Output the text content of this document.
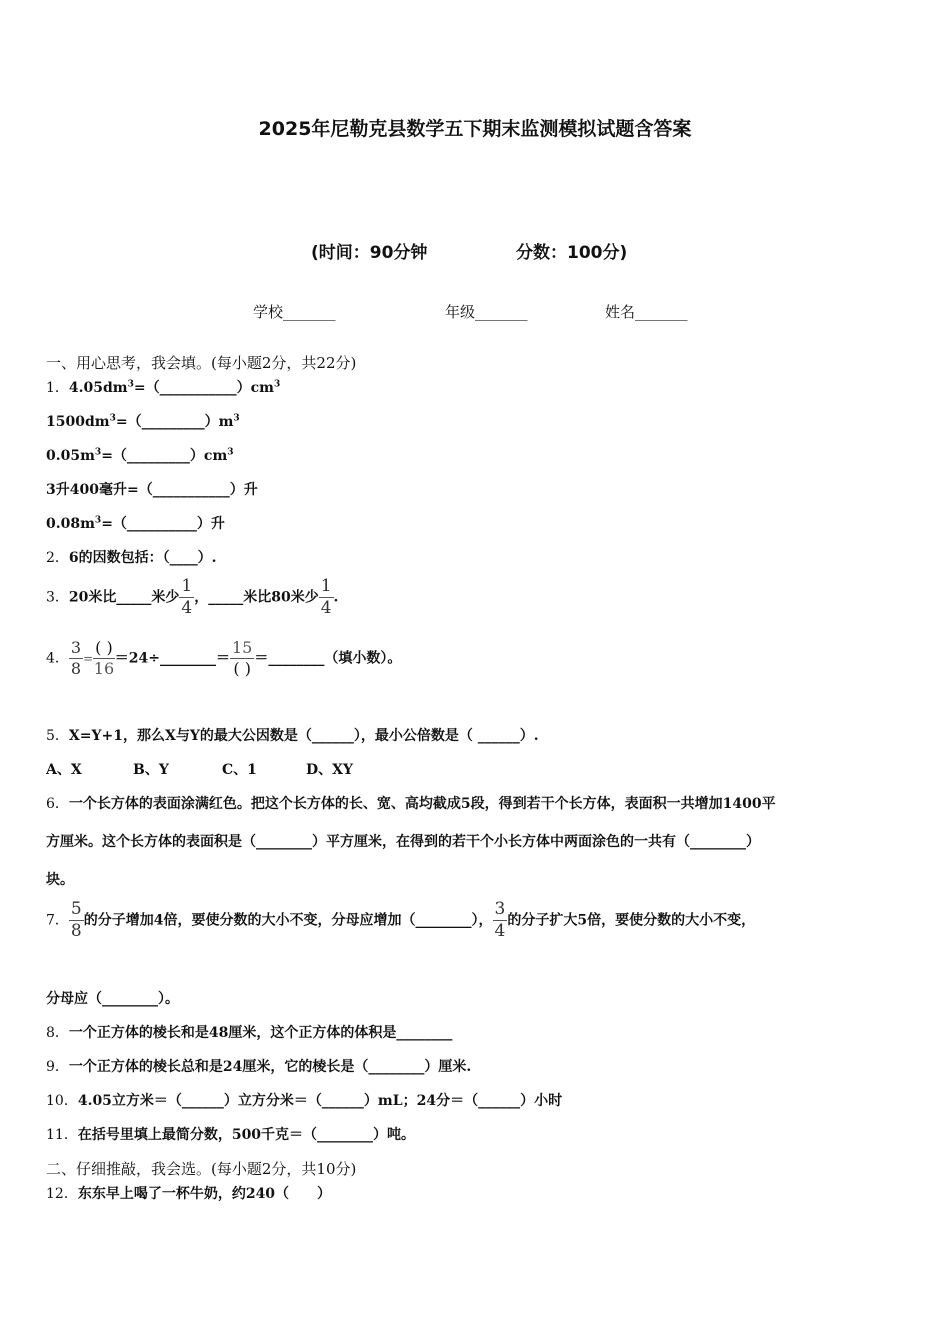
2025年尼勒克县数学五下期末监测模拟试题含答案
(时间：90分钟	分数：100分)
学校_______	年级_______	姓名_______
一、用心思考，我会填。(每小题2分，共22分)
1．$4.05dm^3=(\_\_\_\_\_\_\_\_\_\_\_)cm^3$
$1500dm^3=(\_\_\_\_\_\_\_\_\_)m^3$
$0.05m^3=(\_\_\_\_\_\_\_\_\_)cm^3$
3升400毫升=（___________）升
$0.08m^3=(\_\_\_\_\_\_\_\_\_\_)$升
2．6的因数包括：（____）.
3．20米比_____米少 $\frac{1}{4}$ ，_____米比80米少 $\frac{1}{4}$ .
4． $\frac{3}{8} = \frac{( )}{16}$ ＝24÷________＝ $\frac{15}{( )}$ ＝________（填小数）。
5．X=Y+1，那么X与Y的最大公因数是（______），最小公倍数是（ ______）.
A、X	B、Y	C、1	D、XY
6．一个长方体的表面涂满红色。把这个长方体的长、宽、高均截成5段，得到若干个长方体，表面积一共增加1400平
方厘米。这个长方体的表面积是（________）平方厘米，在得到的若干个小长方体中两面涂色的一共有（________）
块。
7． $\frac{5}{8}$ 的分子增加4倍，要使分数的大小不变，分母应增加（________）， $\frac{3}{4}$ 的分子扩大5倍，要使分数的大小不变，
分母应（________）。
8．一个正方体的棱长和是48厘米，这个正方体的体积是________
9．一个正方体的棱长总和是24厘米，它的棱长是（________）厘米.
10．4.05立方米＝（______）立方分米＝（______）mL；24分＝（______）小时
11．在括号里填上最简分数，500千克＝（________）吨。
二、仔细推敲，我会选。(每小题2分，共10分)
12．东东早上喝了一杯牛奶，约240（　　）
